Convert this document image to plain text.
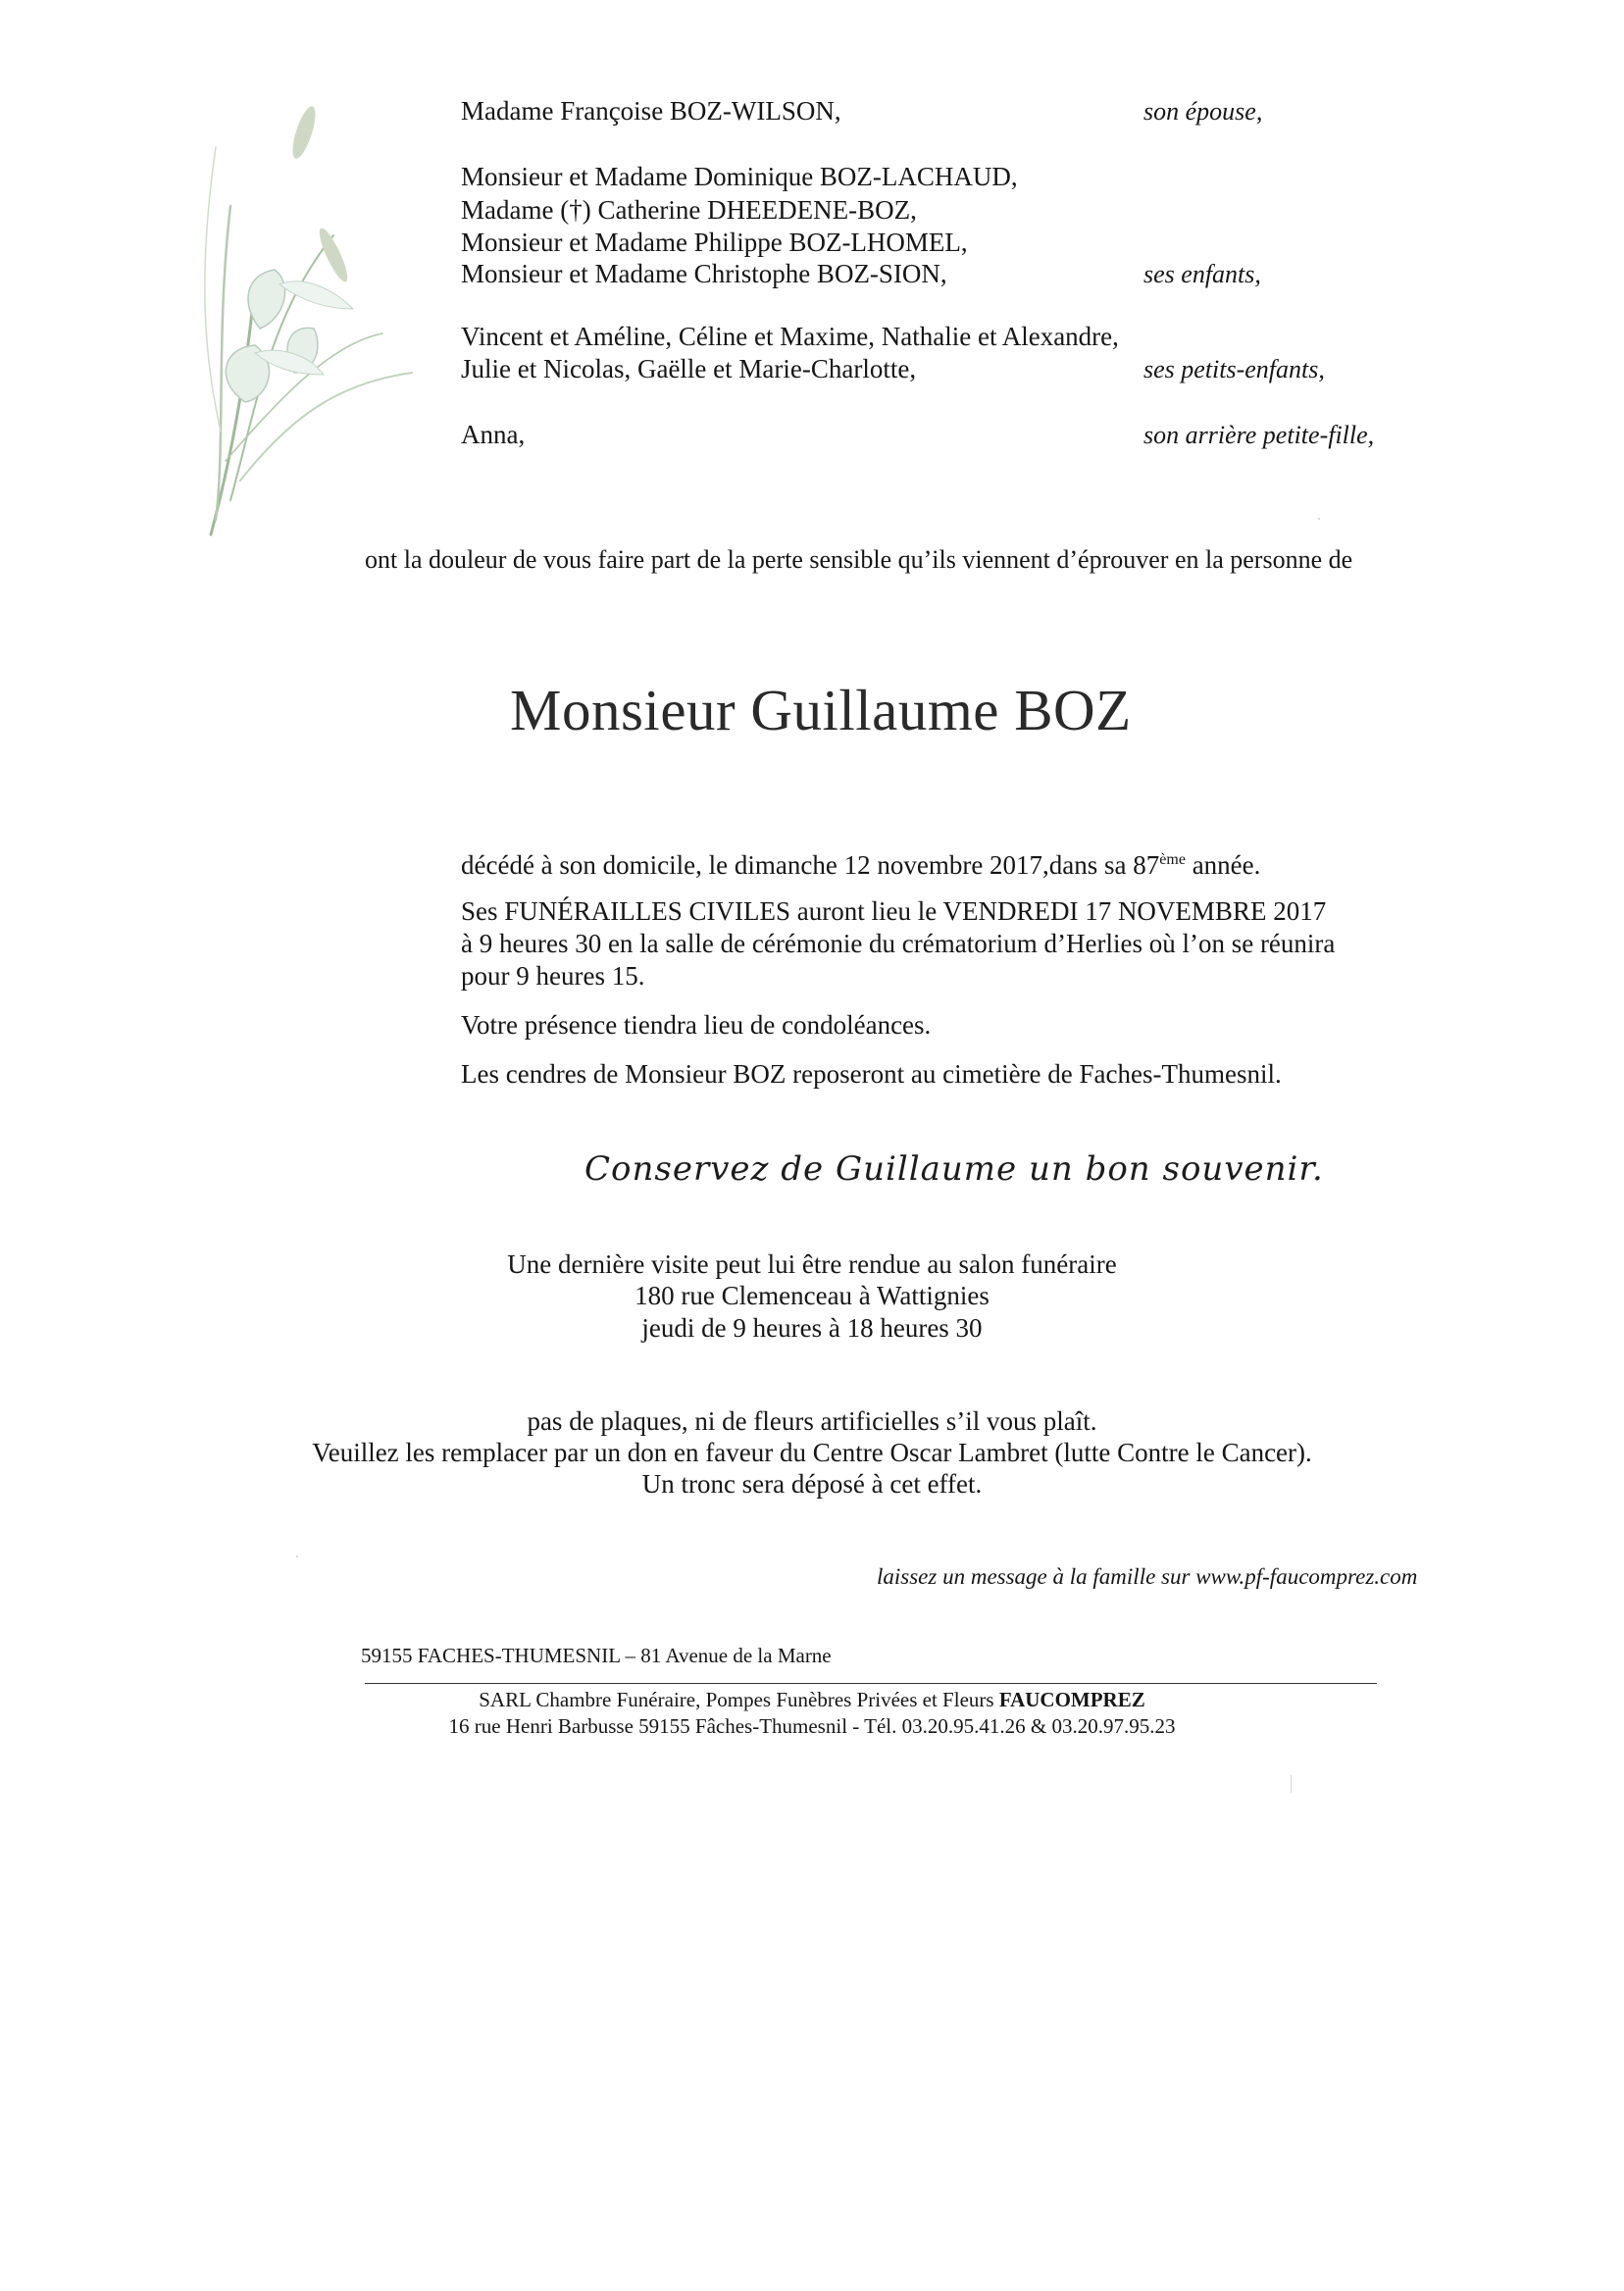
Madame Françoise BOZ-WILSON,	son épouse,
Monsieur et Madame Dominique BOZ-LACHAUD,
Madame (†) Catherine DHEEDENE-BOZ,
Monsieur et Madame Philippe BOZ-LHOMEL,
Monsieur et Madame Christophe BOZ-SION,	ses enfants,
Vincent et Améline, Céline et Maxime, Nathalie et Alexandre,
Julie et Nicolas, Gaëlle et Marie-Charlotte,	ses petits-enfants,
Anna,	son arrière petite-fille,
ont la douleur de vous faire part de la perte sensible qu’ils viennent d’éprouver en la personne de
Monsieur Guillaume BOZ
décédé à son domicile, le dimanche 12 novembre 2017,dans sa 87ème année.
Ses FUNÉRAILLES CIVILES auront lieu le VENDREDI 17 NOVEMBRE 2017
à 9 heures 30 en la salle de cérémonie du crématorium d’Herlies où l’on se réunira
pour 9 heures 15.
Votre présence tiendra lieu de condoléances.
Les cendres de Monsieur BOZ reposeront au cimetière de Faches-Thumesnil.
Conservez de Guillaume un bon souvenir.
Une dernière visite peut lui être rendue au salon funéraire
180 rue Clemenceau à Wattignies
jeudi de 9 heures à 18 heures 30
pas de plaques, ni de fleurs artificielles s’il vous plaît.
Veuillez les remplacer par un don en faveur du Centre Oscar Lambret (lutte Contre le Cancer).
Un tronc sera déposé à cet effet.
laissez un message à la famille sur www.pf-faucomprez.com
59155 FACHES-THUMESNIL – 81 Avenue de la Marne
SARL Chambre Funéraire, Pompes Funèbres Privées et Fleurs FAUCOMPREZ
16 rue Henri Barbusse 59155 Fâches-Thumesnil - Tél. 03.20.95.41.26 & 03.20.97.95.23
